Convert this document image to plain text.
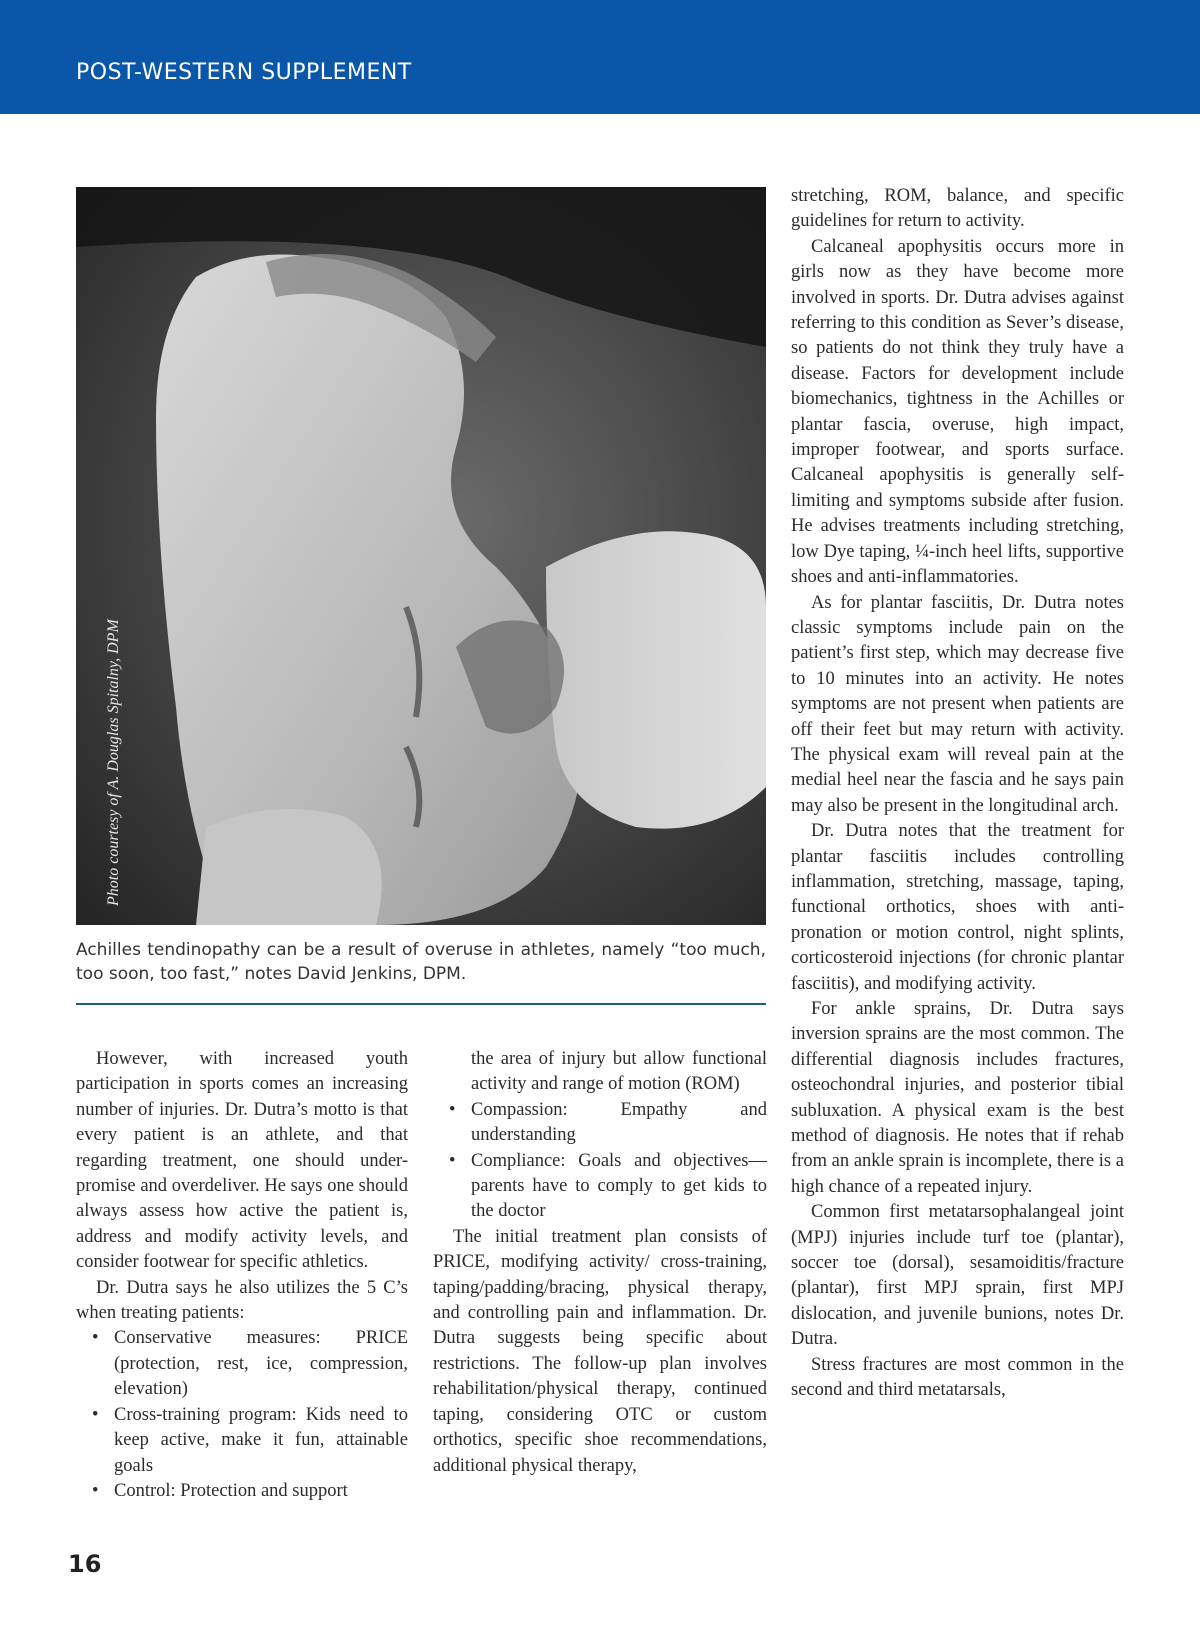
POST-WESTERN SUPPLEMENT
Photo courtesy of A. Douglas Spitalny, DPM
Achilles tendinopathy can be a result of overuse in athletes, namely “too much, too soon, too fast,” notes David Jenkins, DPM.

However, with increased youth participation in sports comes an increasing number of injuries. Dr. Dutra’s motto is that every patient is an athlete, and that regarding treatment, one should under-promise and overdeliver. He says one should always assess how active the patient is, address and modify activity levels, and consider footwear for specific athletics.

Dr. Dutra says he also utilizes the 5 C’s when treating patients:

• Conservative measures: PRICE (protection, rest, ice, compression, elevation)
• Cross-training program: Kids need to keep active, make it fun, attainable goals
• Control: Protection and support
the area of injury but allow functional activity and range of motion (ROM)
• Compassion: Empathy and understanding
• Compliance: Goals and objectives—parents have to comply to get kids to the doctor

The initial treatment plan consists of PRICE, modifying activity/ cross-training, taping/padding/bracing, physical therapy, and controlling pain and inflammation. Dr. Dutra suggests being specific about restrictions. The follow-up plan involves rehabilitation/physical therapy, continued taping, considering OTC or custom orthotics, specific shoe recommendations, additional physical therapy,

stretching, ROM, balance, and specific guidelines for return to activity.

Calcaneal apophysitis occurs more in girls now as they have become more involved in sports. Dr. Dutra advises against referring to this condition as Sever’s disease, so patients do not think they truly have a disease. Factors for development include biomechanics, tightness in the Achilles or plantar fascia, overuse, high impact, improper footwear, and sports surface. Calcaneal apophysitis is generally self-limiting and symptoms subside after fusion. He advises treatments including stretching, low Dye taping, ¼-inch heel lifts, supportive shoes and anti-inflammatories.

As for plantar fasciitis, Dr. Dutra notes classic symptoms include pain on the patient’s first step, which may decrease five to 10 minutes into an activity. He notes symptoms are not present when patients are off their feet but may return with activity. The physical exam will reveal pain at the medial heel near the fascia and he says pain may also be present in the longitudinal arch.

Dr. Dutra notes that the treatment for plantar fasciitis includes controlling inflammation, stretching, massage, taping, functional orthotics, shoes with anti-pronation or motion control, night splints, corticosteroid injections (for chronic plantar fasciitis), and modifying activity.

For ankle sprains, Dr. Dutra says inversion sprains are the most common. The differential diagnosis includes fractures, osteochondral injuries, and posterior tibial subluxation. A physical exam is the best method of diagnosis. He notes that if rehab from an ankle sprain is incomplete, there is a high chance of a repeated injury.

Common first metatarsophalangeal joint (MPJ) injuries include turf toe (plantar), soccer toe (dorsal), sesamoiditis/fracture (plantar), first MPJ sprain, first MPJ dislocation, and juvenile bunions, notes Dr. Dutra.

Stress fractures are most common in the second and third metatarsals,

16
